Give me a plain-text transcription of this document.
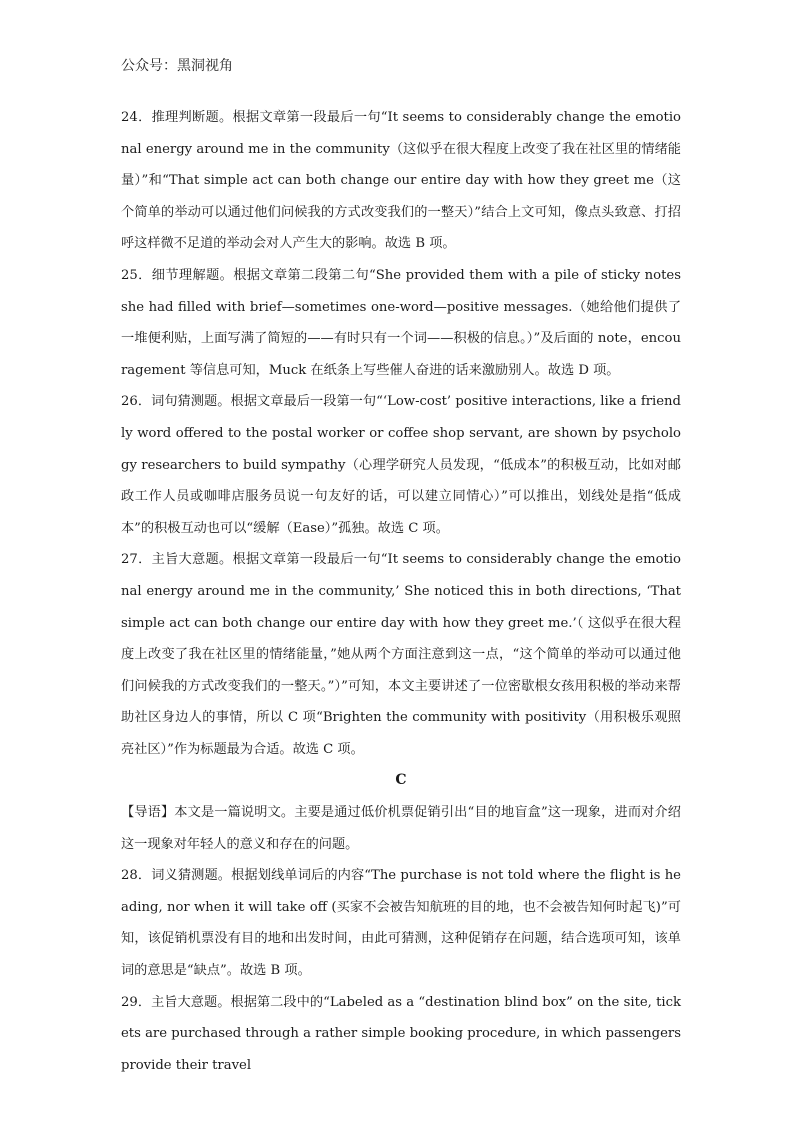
公众号：黑洞视角

24．推理判断题。根据文章第一段最后一句“It seems to considerably change the emotional energy around me in the community（这似乎在很大程度上改变了我在社区里的情绪能量）”和“That simple act can both change our entire day with how they greet me（这个简单的举动可以通过他们问候我的方式改变我们的一整天）”结合上文可知，像点头致意、打招呼这样微不足道的举动会对人产生大的影响。故选 B 项。

25．细节理解题。根据文章第二段第二句“She provided them with a pile of sticky notes she had filled with brief—sometimes one-word—positive messages.（她给他们提供了一堆便利贴，上面写满了简短的——有时只有一个词——积极的信息。）”及后面的 note，encouragement 等信息可知，Muck 在纸条上写些催人奋进的话来激励别人。故选 D 项。

26．词句猜测题。根据文章最后一段第一句“‘Low-cost’ positive interactions, like a friendly word offered to the postal worker or coffee shop servant, are shown by psychology researchers to build sympathy（心理学研究人员发现，“低成本”的积极互动，比如对邮政工作人员或咖啡店服务员说一句友好的话，可以建立同情心）”可以推出，划线处是指“低成本”的积极互动也可以“缓解（Ease）”孤独。故选 C 项。

27．主旨大意题。根据文章第一段最后一句“It seems to considerably change the emotional energy around me in the community,’ She noticed this in both directions, ‘That simple act can both change our entire day with how they greet me.’（ 这似乎在很大程度上改变了我在社区里的情绪能量，”她从两个方面注意到这一点，“这个简单的举动可以通过他们问候我的方式改变我们的一整天。”）”可知，本文主要讲述了一位密歇根女孩用积极的举动来帮助社区身边人的事情，所以 C 项“Brighten the community with positivity（用积极乐观照亮社区）”作为标题最为合适。故选 C 项。

C

【导语】本文是一篇说明文。主要是通过低价机票促销引出“目的地盲盒”这一现象，进而对介绍这一现象对年轻人的意义和存在的问题。

28．词义猜测题。根据划线单词后的内容“The purchase is not told where the flight is heading, nor when it will take off (买家不会被告知航班的目的地，也不会被告知何时起飞)”可知，该促销机票没有目的地和出发时间，由此可猜测，这种促销存在问题，结合选项可知，该单词的意思是“缺点”。故选 B 项。

29．主旨大意题。根据第二段中的“Labeled as a “destination blind box” on the site, tickets are purchased through a rather simple booking procedure, in which passengers provide their travel
